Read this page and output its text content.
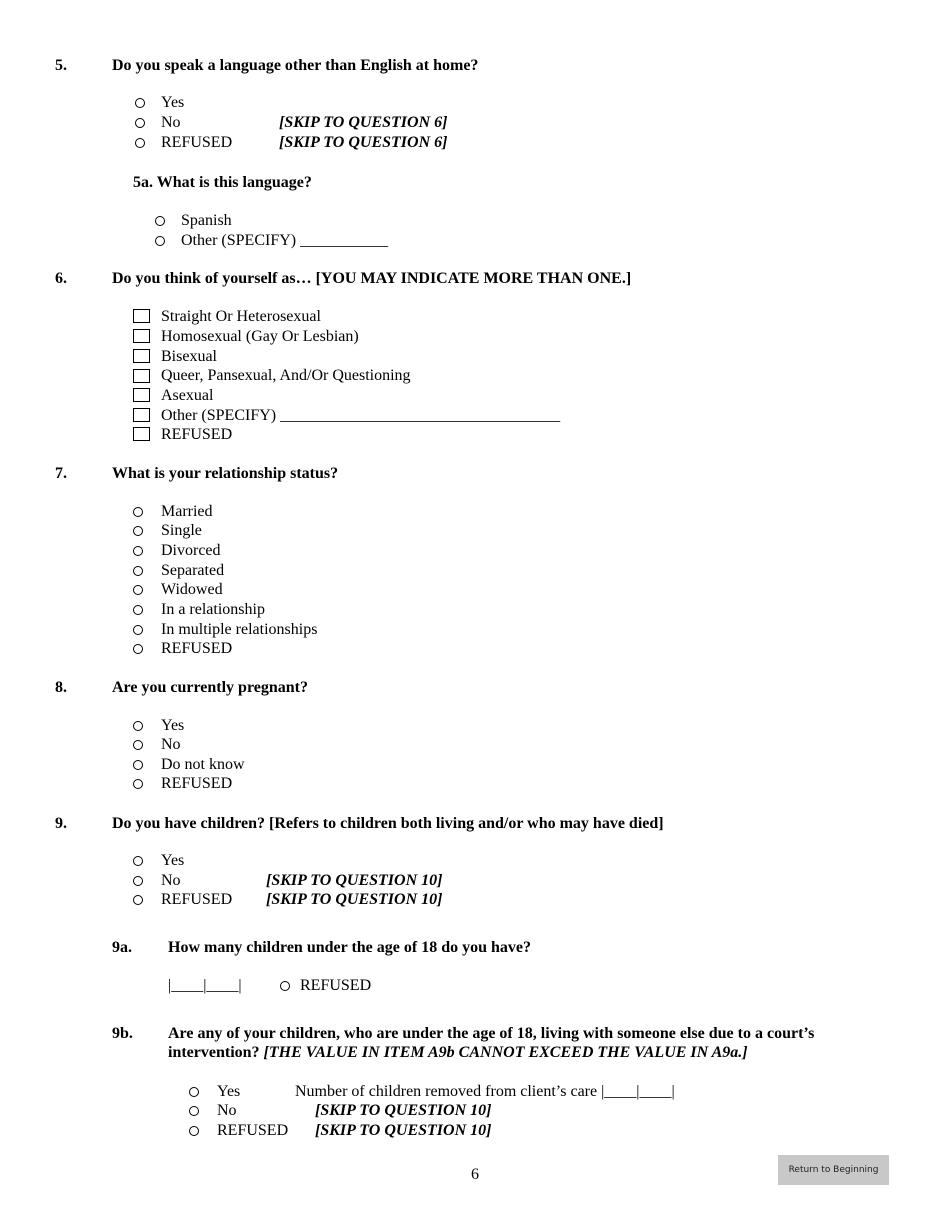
5.	Do you speak a language other than English at home?
Yes
No	[SKIP TO QUESTION 6]
REFUSED	[SKIP TO QUESTION 6]
5a. What is this language?
Spanish
Other (SPECIFY) ___________
6.	Do you think of yourself as… [YOU MAY INDICATE MORE THAN ONE.]
Straight Or Heterosexual
Homosexual (Gay Or Lesbian)
Bisexual
Queer, Pansexual, And/Or Questioning
Asexual
Other (SPECIFY) ___________________________________
REFUSED
7.	What is your relationship status?
Married
Single
Divorced
Separated
Widowed
In a relationship
In multiple relationships
REFUSED
8.	Are you currently pregnant?
Yes
No
Do not know
REFUSED
9.	Do you have children? [Refers to children both living and/or who may have died]
Yes
No	[SKIP TO QUESTION 10]
REFUSED [SKIP TO QUESTION 10]
9a. How many children under the age of 18 do you have?
|____|____|	REFUSED
9b. Are any of your children, who are under the age of 18, living with someone else due to a court’s
intervention? [THE VALUE IN ITEM A9b CANNOT EXCEED THE VALUE IN A9a.]
Yes	Number of children removed from client’s care |____|____|
No	[SKIP TO QUESTION 10]
REFUSED [SKIP TO QUESTION 10]
6	Return to Beginning
